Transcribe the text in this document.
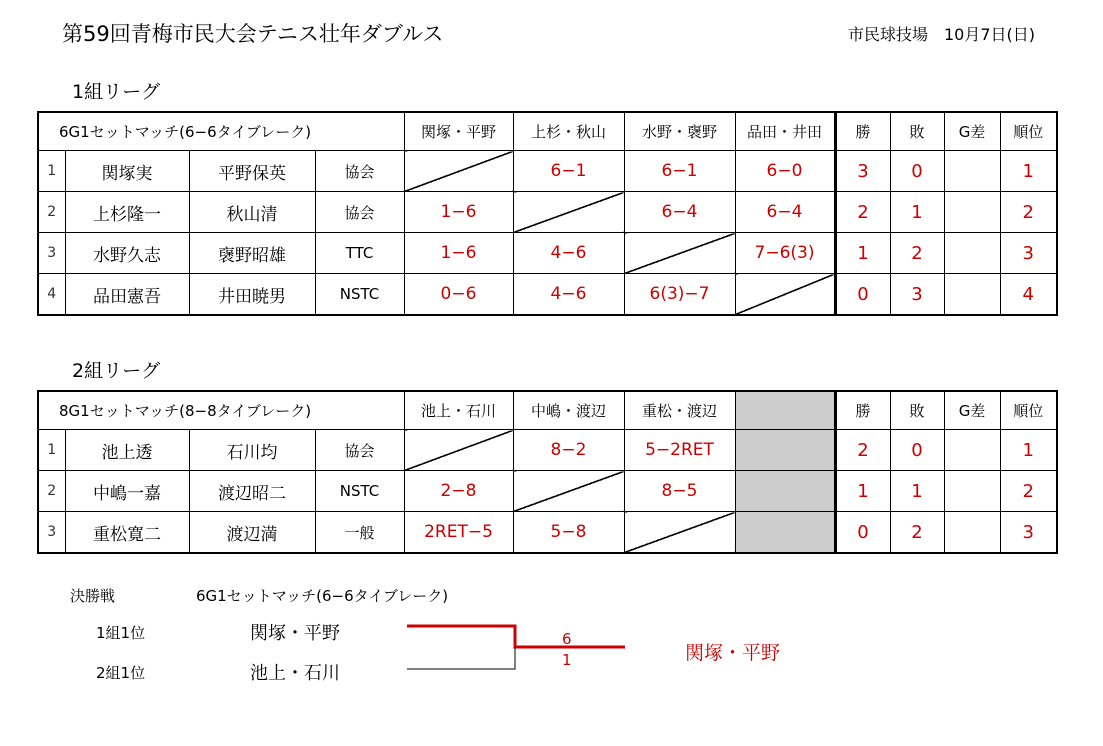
第59回青梅市民大会テニス壮年ダブルス	市民球技場　10月7日(日)
1組リーグ
6G1セットマッチ(6−6タイブレーク)				関塚・平野	上杉・秋山	水野・襃野	品田・井田	勝	敗	G差	順位
1	関塚実	平野保英	協会		6−1	6−1	6−0	3	0		1
2	上杉隆一	秋山清	協会	1−6		6−4	6−4	2	1		2
3	水野久志	襃野昭雄	TTC	1−6	4−6		7−6(3)	1	2		3
4	品田憲吾	井田暁男	NSTC	0−6	4−6	6(3)−7		0	3		4
2組リーグ
8G1セットマッチ(8−8タイブレーク)				池上・石川	中嶋・渡辺	重松・渡辺		勝	敗	G差	順位
1	池上透	石川均	協会		8−2	5−2RET		2	0		1
2	中嶋一嘉	渡辺昭二	NSTC	2−8		8−5		1	1		2
3	重松寛二	渡辺満	一般	2RET−5	5−8			0	2		3
決勝戦	6G1セットマッチ(6−6タイブレーク)
1組1位	関塚・平野
2組1位	池上・石川
6
1	関塚・平野
